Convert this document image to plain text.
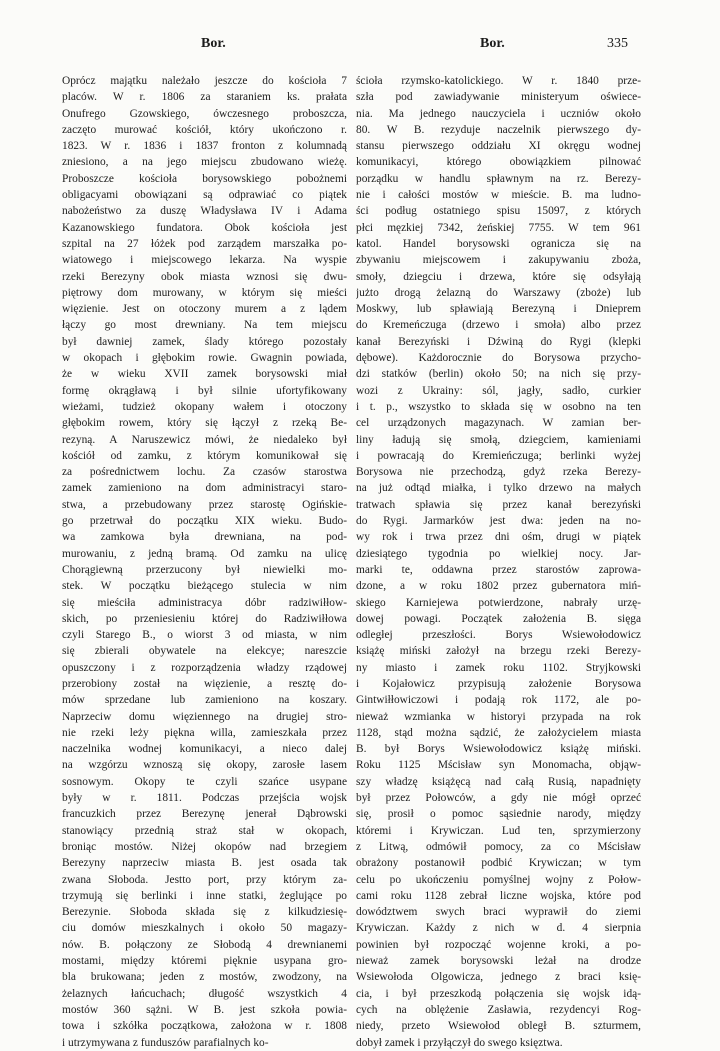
Bor.	Bor.	335
Oprócz majątku należało jeszcze do kościoła 7
placów. W r. 1806 za staraniem ks. prałata
Onufrego Gzowskiego, ówczesnego proboszcza,
zaczęto murować kościół, który ukończono r.
1823. W r. 1836 i 1837 fronton z kolumnadą
zniesiono, a na jego miejscu zbudowano wieżę.
Proboszcze kościoła borysowskiego pobożnemi
obligacyami obowiązani są odprawiać co piątek
nabożeństwo za duszę Władysława IV i Adama
Kazanowskiego fundatora. Obok kościoła jest
szpital na 27 łóżek pod zarządem marszałka po-
wiatowego i miejscowego lekarza. Na wyspie
rzeki Berezyny obok miasta wznosi się dwu-
piętrowy dom murowany, w którym się mieści
więzienie. Jest on otoczony murem a z lądem
łączy go most drewniany. Na tem miejscu
był dawniej zamek, ślady którego pozostały
w okopach i głębokim rowie. Gwagnin powiada,
że w wieku XVII zamek borysowski miał
formę okrągławą i był silnie ufortyfikowany
wieżami, tudzież okopany wałem i otoczony
głębokim rowem, który się łączył z rzeką Be-
rezyną. A Naruszewicz mówi, że niedaleko był
kościół od zamku, z którym komunikował się
za pośrednictwem lochu. Za czasów starostwa
zamek zamieniono na dom administracyi staro-
stwa, a przebudowany przez starostę Ogińskie-
go przetrwał do początku XIX wieku. Budo-
wa zamkowa była drewniana, na pod-
murowaniu, z jedną bramą. Od zamku na ulicę
Chorągiewną przerzucony był niewielki mo-
stek. W początku bieżącego stulecia w nim
się mieściła administracya dóbr radziwiłłow-
skich, po przeniesieniu której do Radziwiłłowa
czyli Starego B., o wiorst 3 od miasta, w nim
się zbierali obywatele na elekcye; nareszcie
opuszczony i z rozporządzenia władzy rządowej
przerobiony został na więzienie, a resztę do-
mów sprzedane lub zamieniono na koszary.
Naprzeciw domu więziennego na drugiej stro-
nie rzeki leży piękna willa, zamieszkała przez
naczelnika wodnej komunikacyi, a nieco dalej
na wzgórzu wznoszą się okopy, zarosłe lasem
sosnowym. Okopy te czyli szańce usypane
były w r. 1811. Podczas przejścia wojsk
francuzkich przez Berezynę jenerał Dąbrowski
stanowiący przednią straż stał w okopach,
broniąc mostów. Niżej okopów nad brzegiem
Berezyny naprzeciw miasta B. jest osada tak
zwana Słoboda. Jestto port, przy którym za-
trzymują się berlinki i inne statki, żeglujące po
Berezynie. Słoboda składa się z kilkudziesię-
ciu domów mieszkalnych i około 50 magazy-
nów. B. połączony ze Słobodą 4 drewnianemi
mostami, między któremi pięknie usypana gro-
bla brukowana; jeden z mostów, zwodzony, na
żelaznych łańcuchach; długość wszystkich 4
mostów 360 sążni. W B. jest szkoła powia-
towa i szkółka początkowa, założona w r. 1808
i utrzymywana z funduszów parafialnych ko-
ścioła rzymsko-katolickiego. W r. 1840 prze-
szła pod zawiadywanie ministeryum oświece-
nia. Ma jednego nauczyciela i uczniów około
80. W B. rezyduje naczelnik pierwszego dy-
stansu pierwszego oddziału XI okręgu wodnej
komunikacyi, którego obowiązkiem pilnować
porządku w handlu spławnym na rz. Berezy-
nie i całości mostów w mieście. B. ma ludno-
ści podług ostatniego spisu 15097, z których
płci męzkiej 7342, żeńskiej 7755. W tem 961
katol. Handel borysowski ogranicza się na
zbywaniu miejscowem i zakupywaniu zboża,
smoły, dziegciu i drzewa, które się odsyłają
jużto drogą żelazną do Warszawy (zboże) lub
Moskwy, lub spławiają Berezyną i Dnieprem
do Kremeńczuga (drzewo i smoła) albo przez
kanał Berezyński i Dźwiną do Rygi (klepki
dębowe). Każdorocznie do Borysowa przycho-
dzi statków (berlin) około 50; na nich się przy-
wozi z Ukrainy: sól, jagły, sadło, curkier
i t. p., wszystko to składa się w osobno na ten
cel urządzonych magazynach. W zamian ber-
liny ładują się smołą, dziegciem, kamieniami
i powracają do Kremieńczuga; berlinki wyżej
Borysowa nie przechodzą, gdyż rzeka Berezy-
na już odtąd miałka, i tylko drzewo na małych
tratwach spławia się przez kanał berezyński
do Rygi. Jarmarków jest dwa: jeden na no-
wy rok i trwa przez dni ośm, drugi w piątek
dziesiątego tygodnia po wielkiej nocy. Jar-
marki te, oddawna przez starostów zaprowa-
dzone, a w roku 1802 przez gubernatora miń-
skiego Karniejewa potwierdzone, nabrały urzę-
dowej powagi. Początek założenia B. sięga
odległej przeszłości. Borys Wsiewołodowicz
książę miński założył na brzegu rzeki Berezy-
ny miasto i zamek roku 1102. Stryjkowski
i Kojałowicz przypisują założenie Borysowa
Gintwiłłowiczowi i podają rok 1172, ale po-
nieważ wzmianka w historyi przypada na rok
1128, stąd można sądzić, że założycielem miasta
B. był Borys Wsiewołodowicz książę miński.
Roku 1125 Mścisław syn Monomacha, objąw-
szy władzę książęcą nad całą Rusią, napadnięty
był przez Połowców, a gdy nie mógł oprzeć
się, prosił o pomoc sąsiednie narody, między
któremi i Krywiczan. Lud ten, sprzymierzony
z Litwą, odmówił pomocy, za co Mścisław
obrażony postanowił podbić Krywiczan; w tym
celu po ukończeniu pomyślnej wojny z Połow-
cami roku 1128 zebrał liczne wojska, które pod
dowództwem swych braci wyprawił do ziemi
Krywiczan. Każdy z nich w d. 4 sierpnia
powinien był rozpocząć wojenne kroki, a po-
nieważ zamek borysowski leżał na drodze
Wsiewołoda Olgowicza, jednego z braci księ-
cia, i był przeszkodą połączenia się wojsk idą-
cych na oblężenie Zasławia, rezydencyi Rog-
niedy, przeto Wsiewołod obległ B. szturmem,
dobył zamek i przyłączył do swego księztwa.
